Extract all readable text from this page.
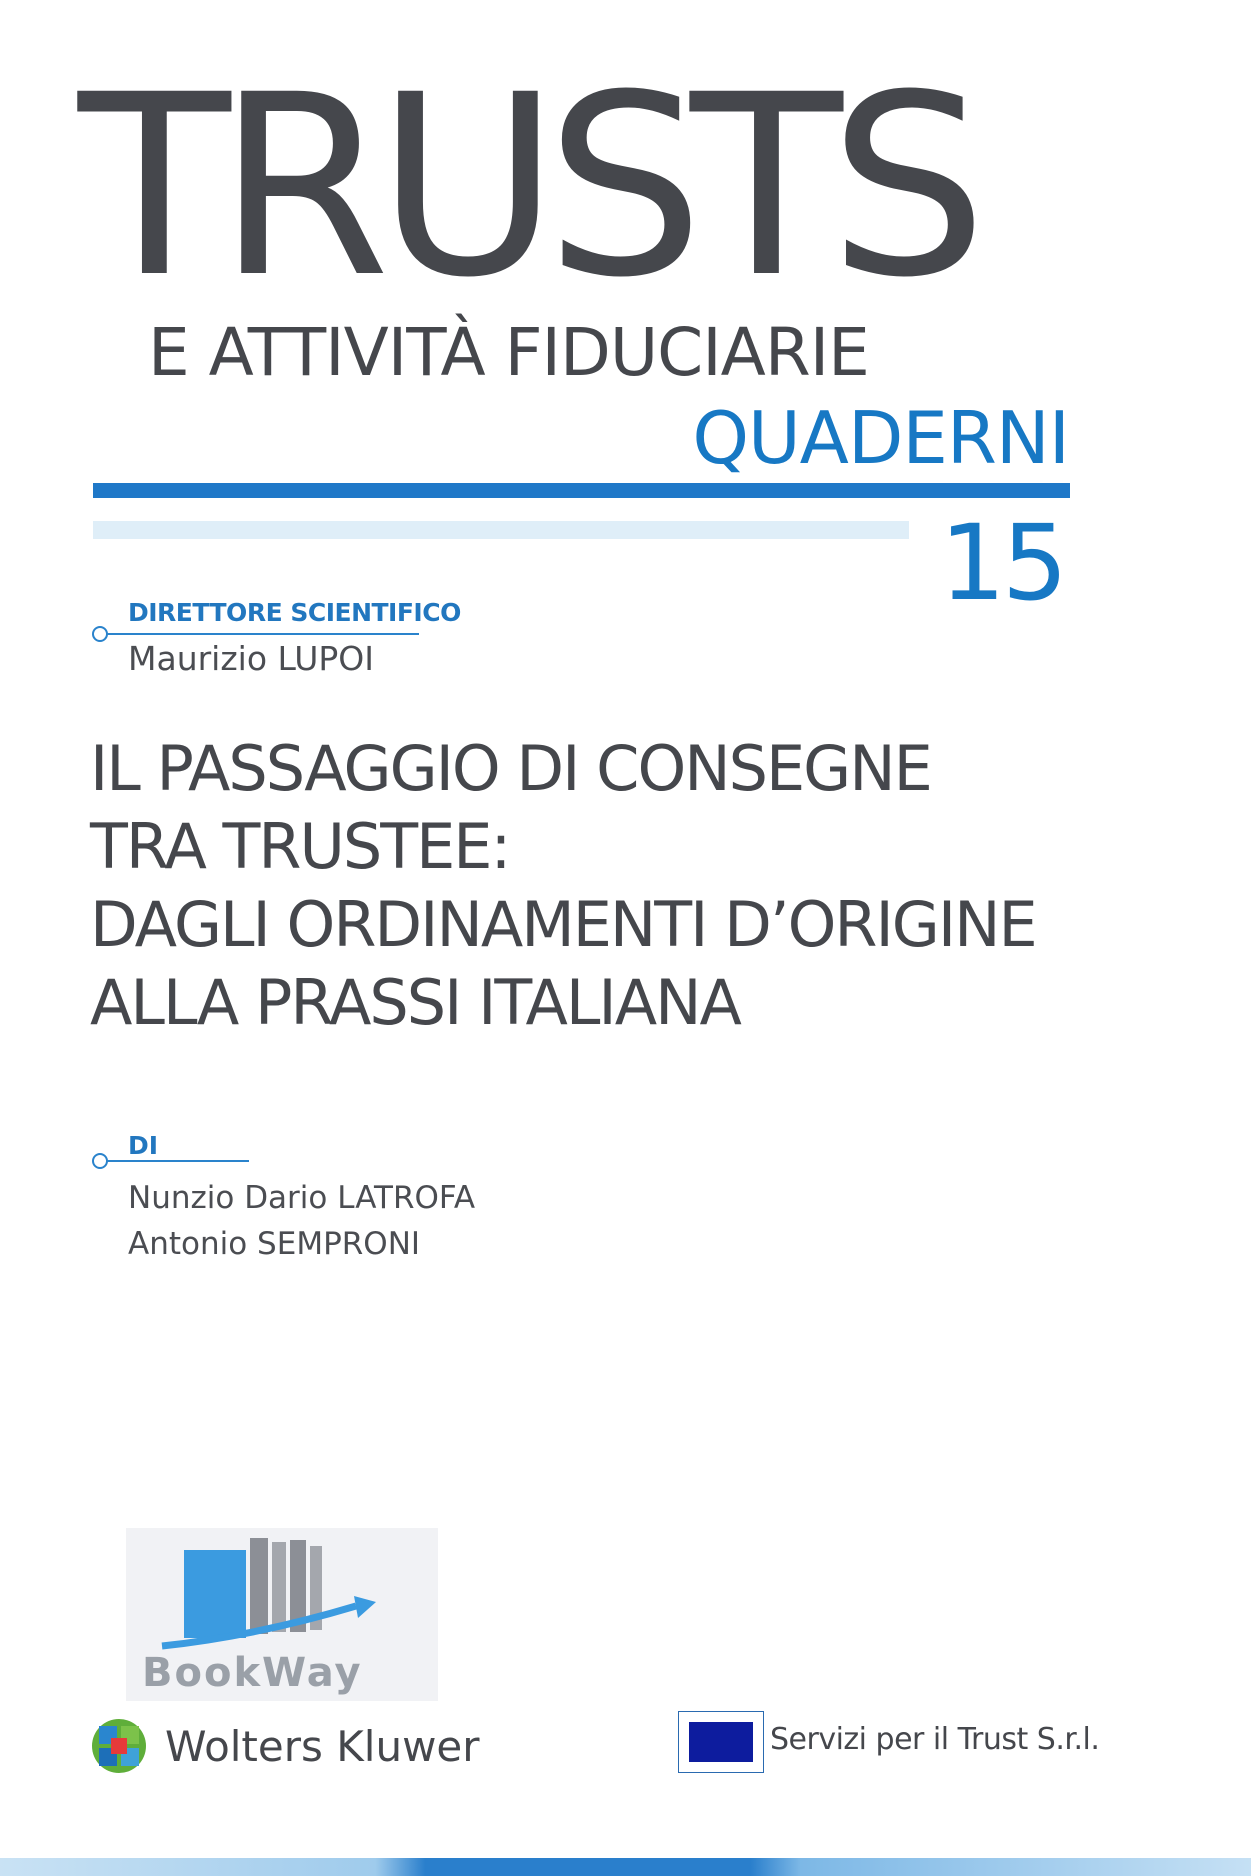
TRUSTS
E ATTIVITÀ FIDUCIARIE
QUADERNI
15
DIRETTORE SCIENTIFICO
Maurizio LUPOI
IL PASSAGGIO DI CONSEGNE
TRA TRUSTEE:
DAGLI ORDINAMENTI D’ORIGINE
ALLA PRASSI ITALIANA
DI
Nunzio Dario LATROFA
Antonio SEMPRONI
BookWay
Wolters Kluwer	Servizi per il Trust S.r.l.
